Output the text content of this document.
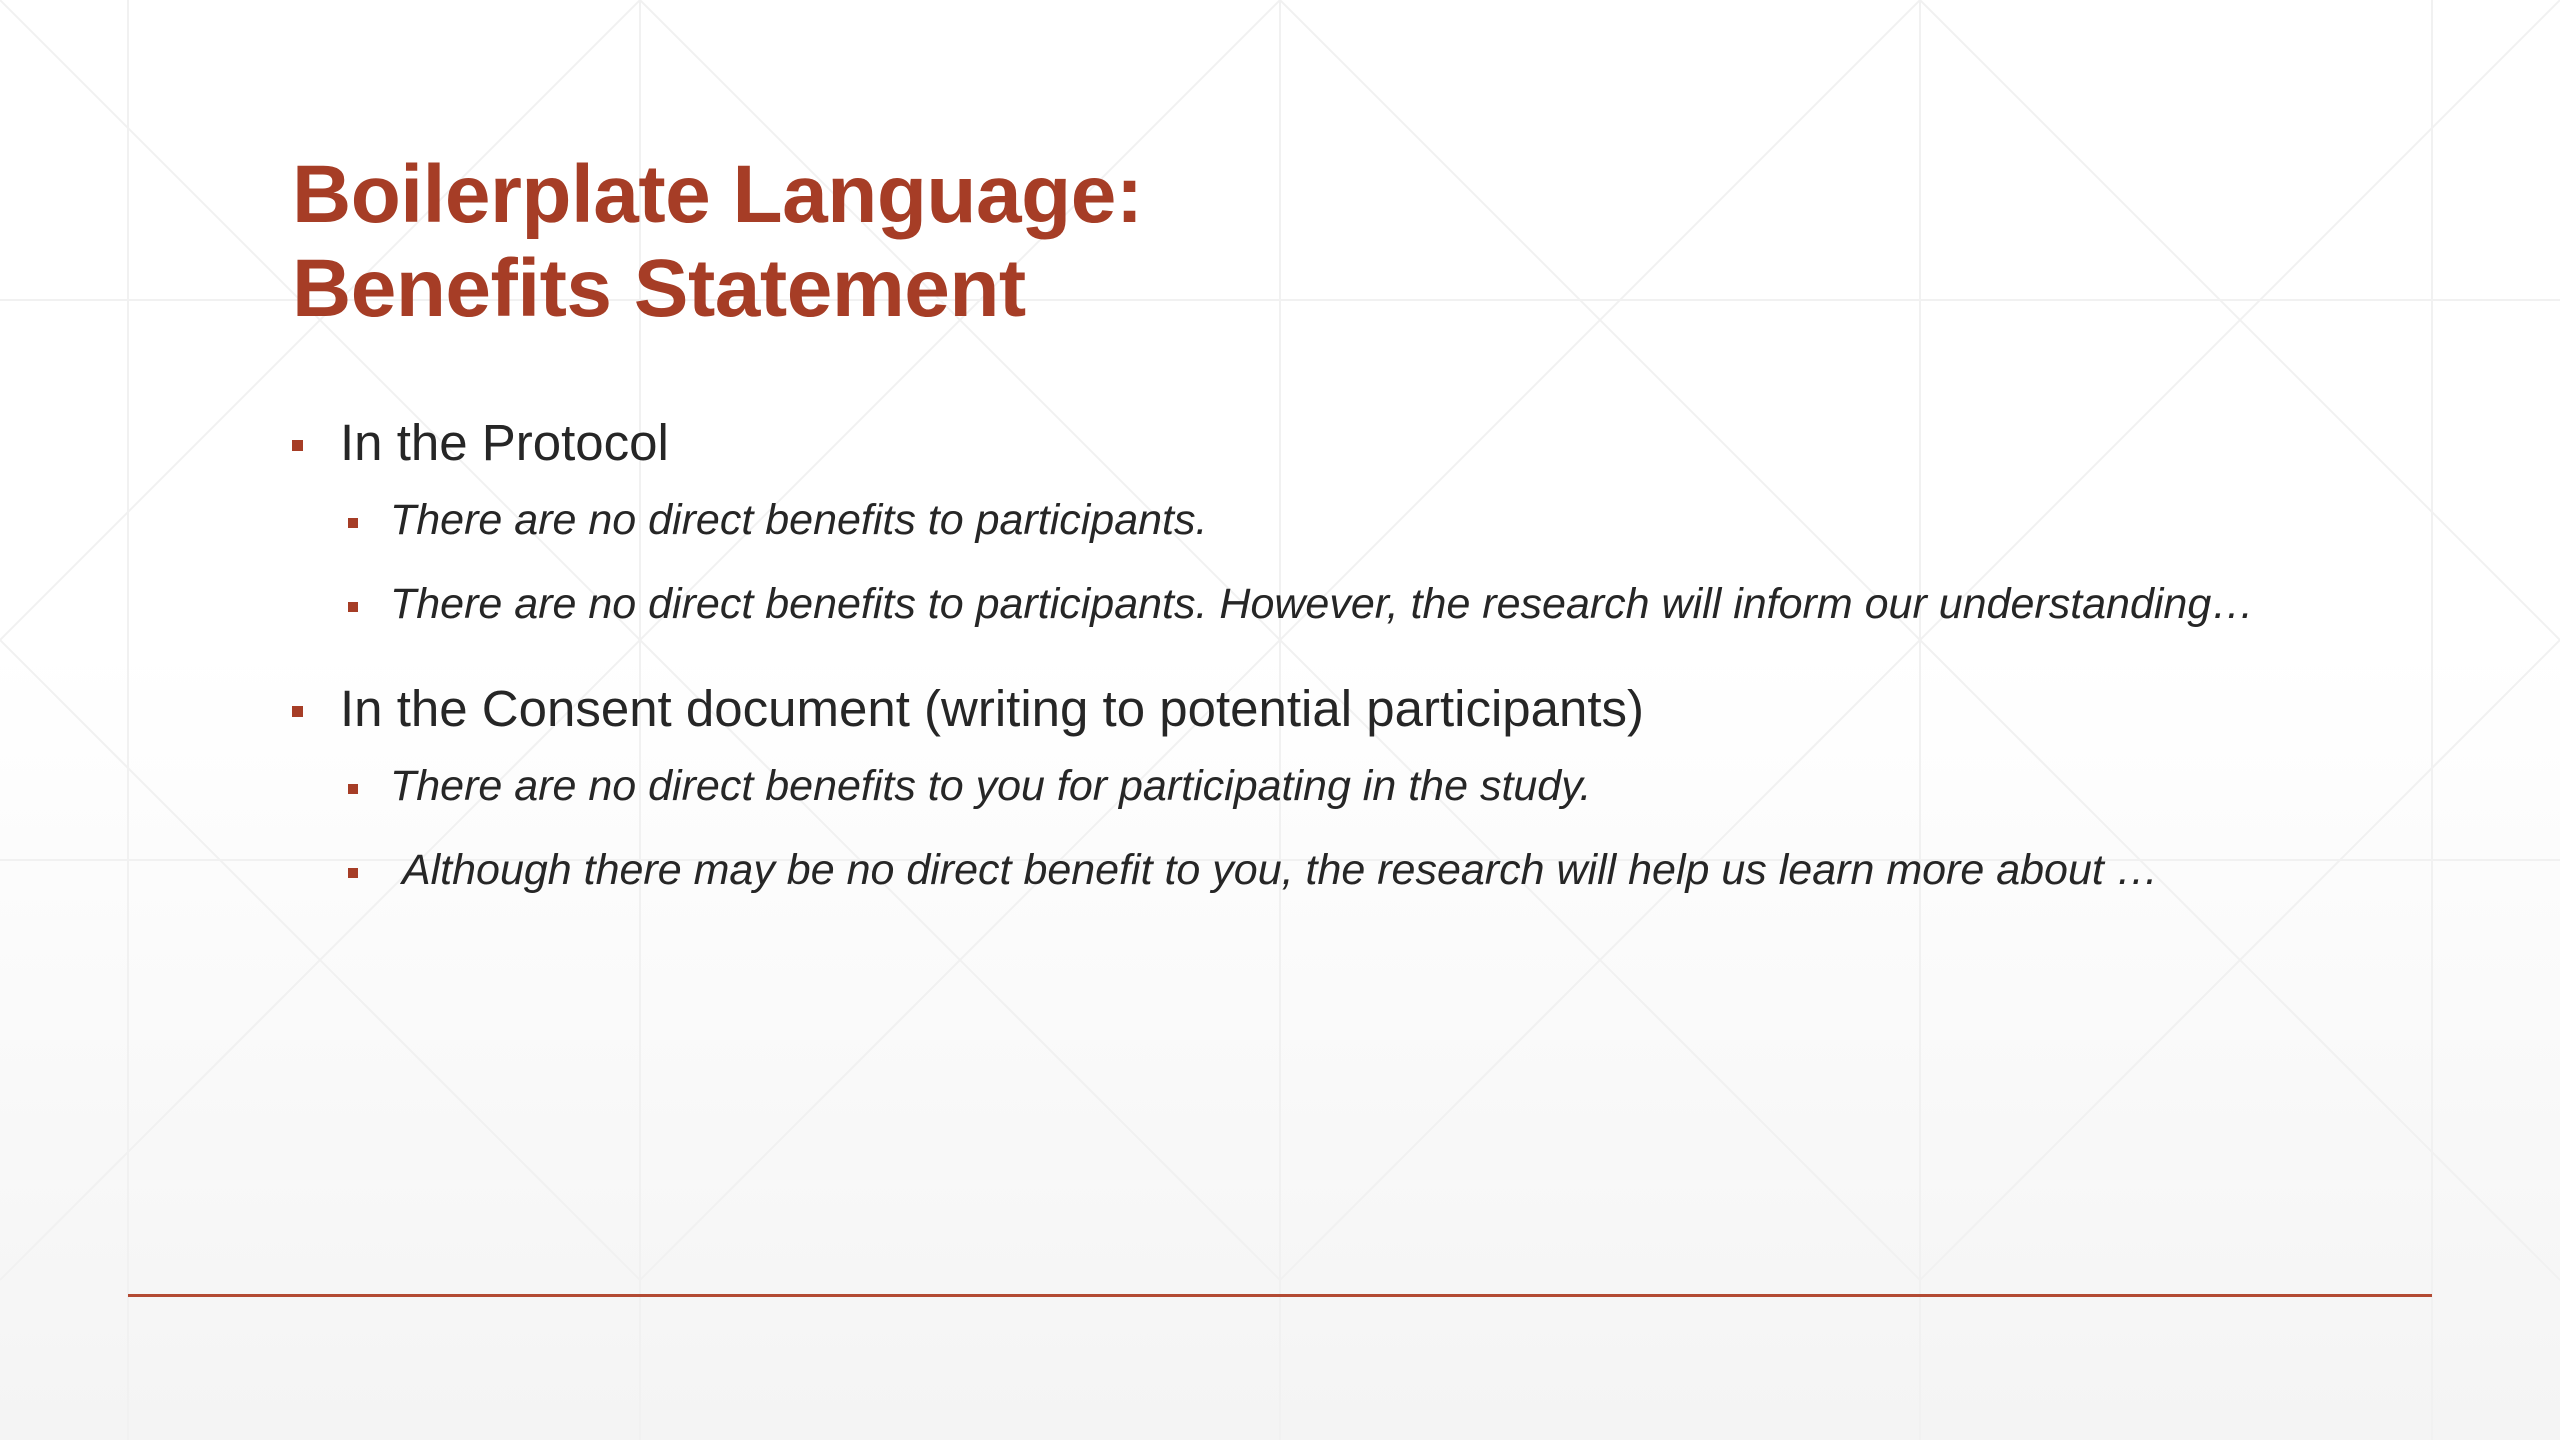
Boilerplate Language:
Benefits Statement
In the Protocol
There are no direct benefits to participants.
There are no direct benefits to participants. However, the research will inform our understanding…
In the Consent document (writing to potential participants)
There are no direct benefits to you for participating in the study.
Although there may be no direct benefit to you, the research will help us learn more about …
